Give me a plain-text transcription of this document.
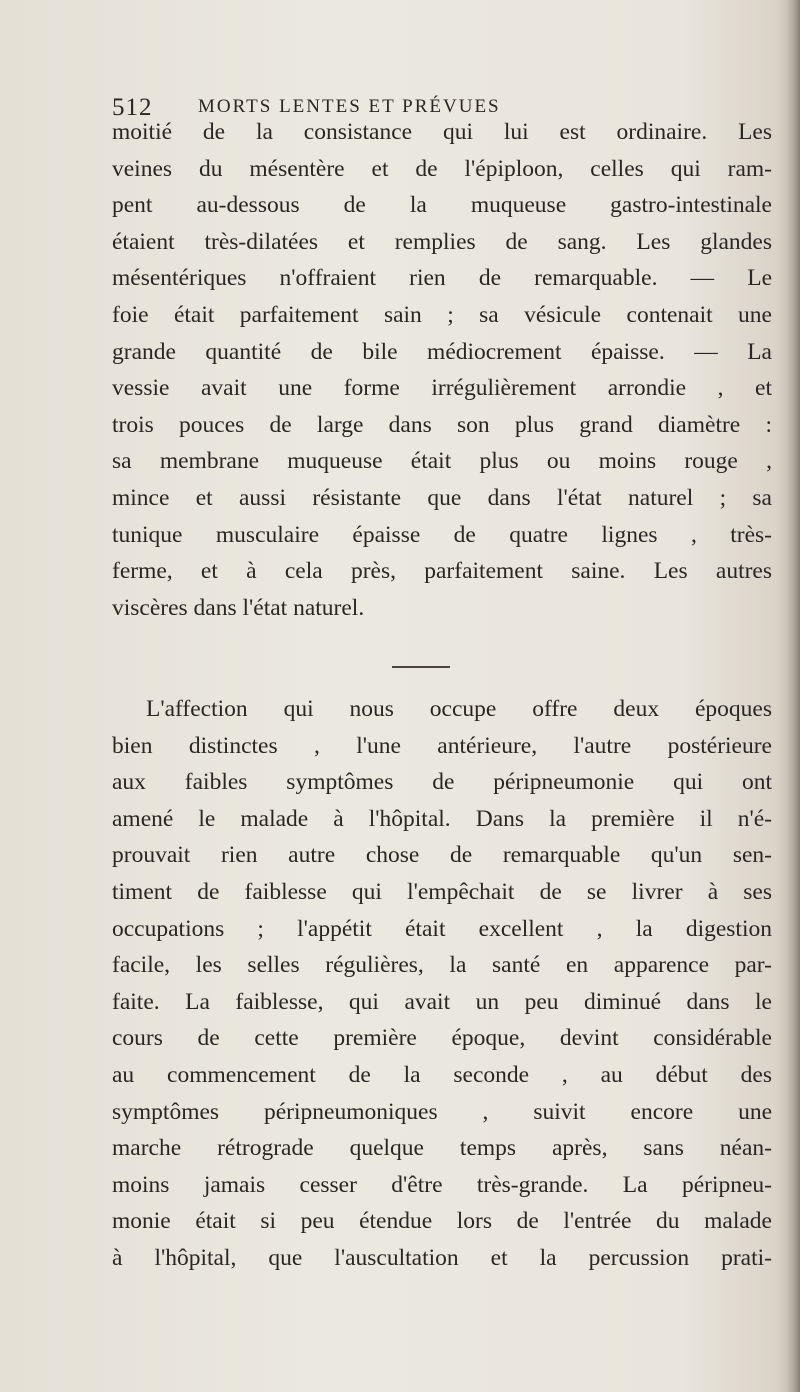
512 MORTS LENTES ET PRÉVUES
moitié de la consistance qui lui est ordinaire. Les
veines du mésentère et de l'épiploon, celles qui ram-
pent au-dessous de la muqueuse gastro-intestinale
étaient très-dilatées et remplies de sang. Les glandes
mésentériques n'offraient rien de remarquable. — Le
foie était parfaitement sain ; sa vésicule contenait une
grande quantité de bile médiocrement épaisse. — La
vessie avait une forme irrégulièrement arrondie , et
trois pouces de large dans son plus grand diamètre :
sa membrane muqueuse était plus ou moins rouge ,
mince et aussi résistante que dans l'état naturel ; sa
tunique musculaire épaisse de quatre lignes , très-
ferme, et à cela près, parfaitement saine. Les autres
viscères dans l'état naturel.
L'affection qui nous occupe offre deux époques
bien distinctes , l'une antérieure, l'autre postérieure
aux faibles symptômes de péripneumonie qui ont
amené le malade à l'hôpital. Dans la première il n'é-
prouvait rien autre chose de remarquable qu'un sen-
timent de faiblesse qui l'empêchait de se livrer à ses
occupations ; l'appétit était excellent , la digestion
facile, les selles régulières, la santé en apparence par-
faite. La faiblesse, qui avait un peu diminué dans le
cours de cette première époque, devint considérable
au commencement de la seconde , au début des
symptômes péripneumoniques , suivit encore une
marche rétrograde quelque temps après, sans néan-
moins jamais cesser d'être très-grande. La péripneu-
monie était si peu étendue lors de l'entrée du malade
à l'hôpital, que l'auscultation et la percussion prati-
